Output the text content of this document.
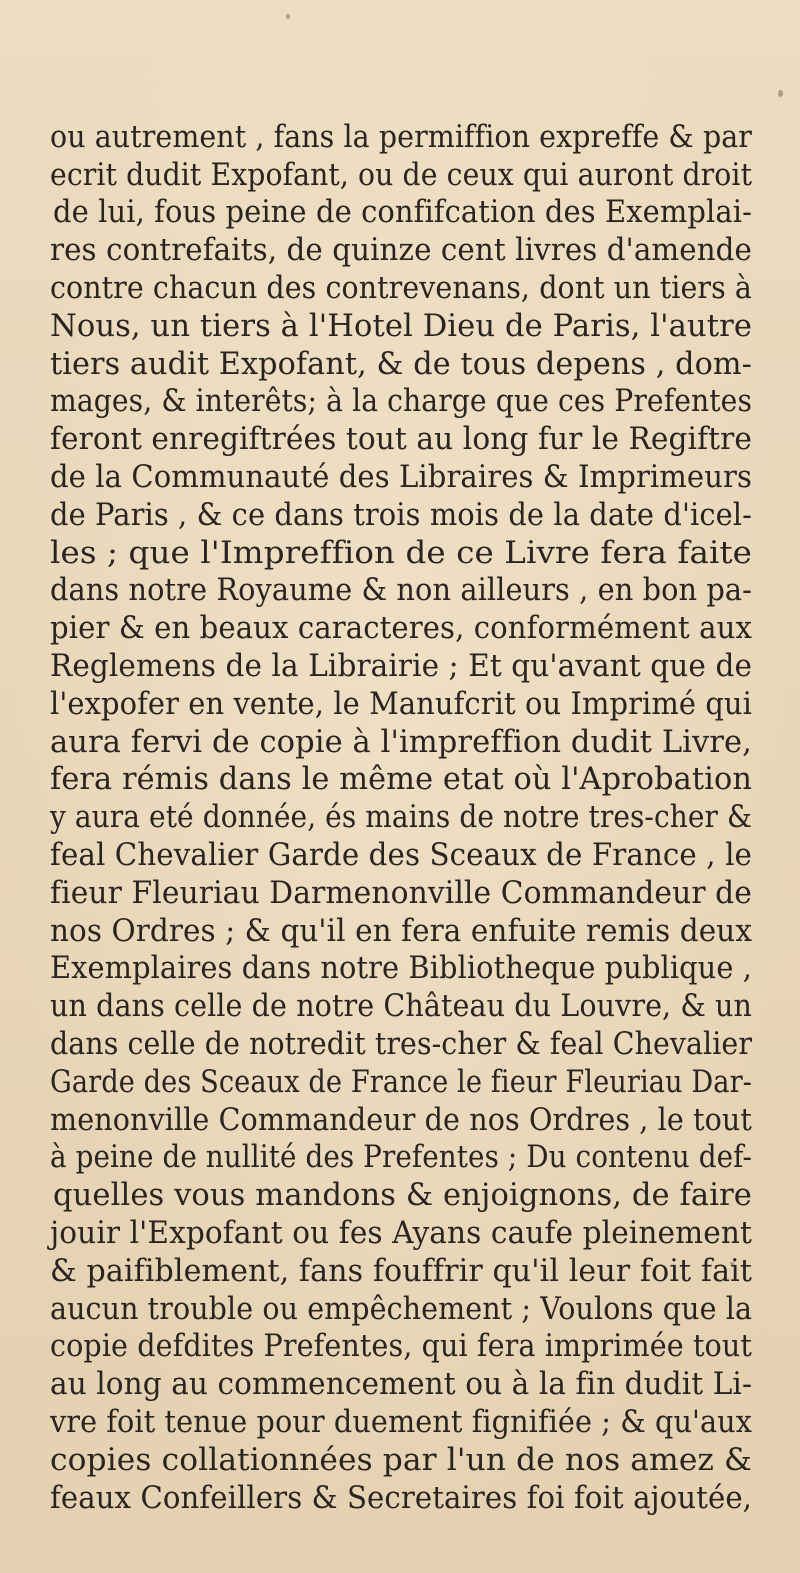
ou autrement , fans la permiffion expreffe & par
ecrit dudit Expofant, ou de ceux qui auront droit
de lui, fous peine de confifcation des Exemplai-
res contrefaits, de quinze cent livres d'amende
contre chacun des contrevenans, dont un tiers à
Nous, un tiers à l'Hotel Dieu de Paris, l'autre
tiers audit Expofant, & de tous depens , dom-
mages, & interêts; à la charge que ces Prefentes
feront enregiftrées tout au long fur le Regiftre
de la Communauté des Libraires & Imprimeurs
de Paris , & ce dans trois mois de la date d'icel-
les ; que l'Impreffion de ce Livre fera faite
dans notre Royaume & non ailleurs , en bon pa-
pier & en beaux caracteres, conformément aux
Reglemens de la Librairie ; Et qu'avant que de
l'expofer en vente, le Manufcrit ou Imprimé qui
aura fervi de copie à l'impreffion dudit Livre,
fera rémis dans le même etat où l'Aprobation
y aura eté donnée, és mains de notre tres-cher &
feal Chevalier Garde des Sceaux de France , le
fieur Fleuriau Darmenonville Commandeur de
nos Ordres ; & qu'il en fera enfuite remis deux
Exemplaires dans notre Bibliotheque publique ,
un dans celle de notre Château du Louvre, & un
dans celle de notredit tres-cher & feal Chevalier
Garde des Sceaux de France le fieur Fleuriau Dar-
menonville Commandeur de nos Ordres , le tout
à peine de nullité des Prefentes ; Du contenu def-
quelles vous mandons & enjoignons, de faire
jouir l'Expofant ou fes Ayans caufe pleinement
& paifiblement, fans fouffrir qu'il leur foit fait
aucun trouble ou empêchement ; Voulons que la
copie defdites Prefentes, qui fera imprimée tout
au long au commencement ou à la fin dudit Li-
vre foit tenue pour duement fignifiée ; & qu'aux
copies collationnées par l'un de nos amez &
feaux Confeillers & Secretaires foi foit ajoutée,
